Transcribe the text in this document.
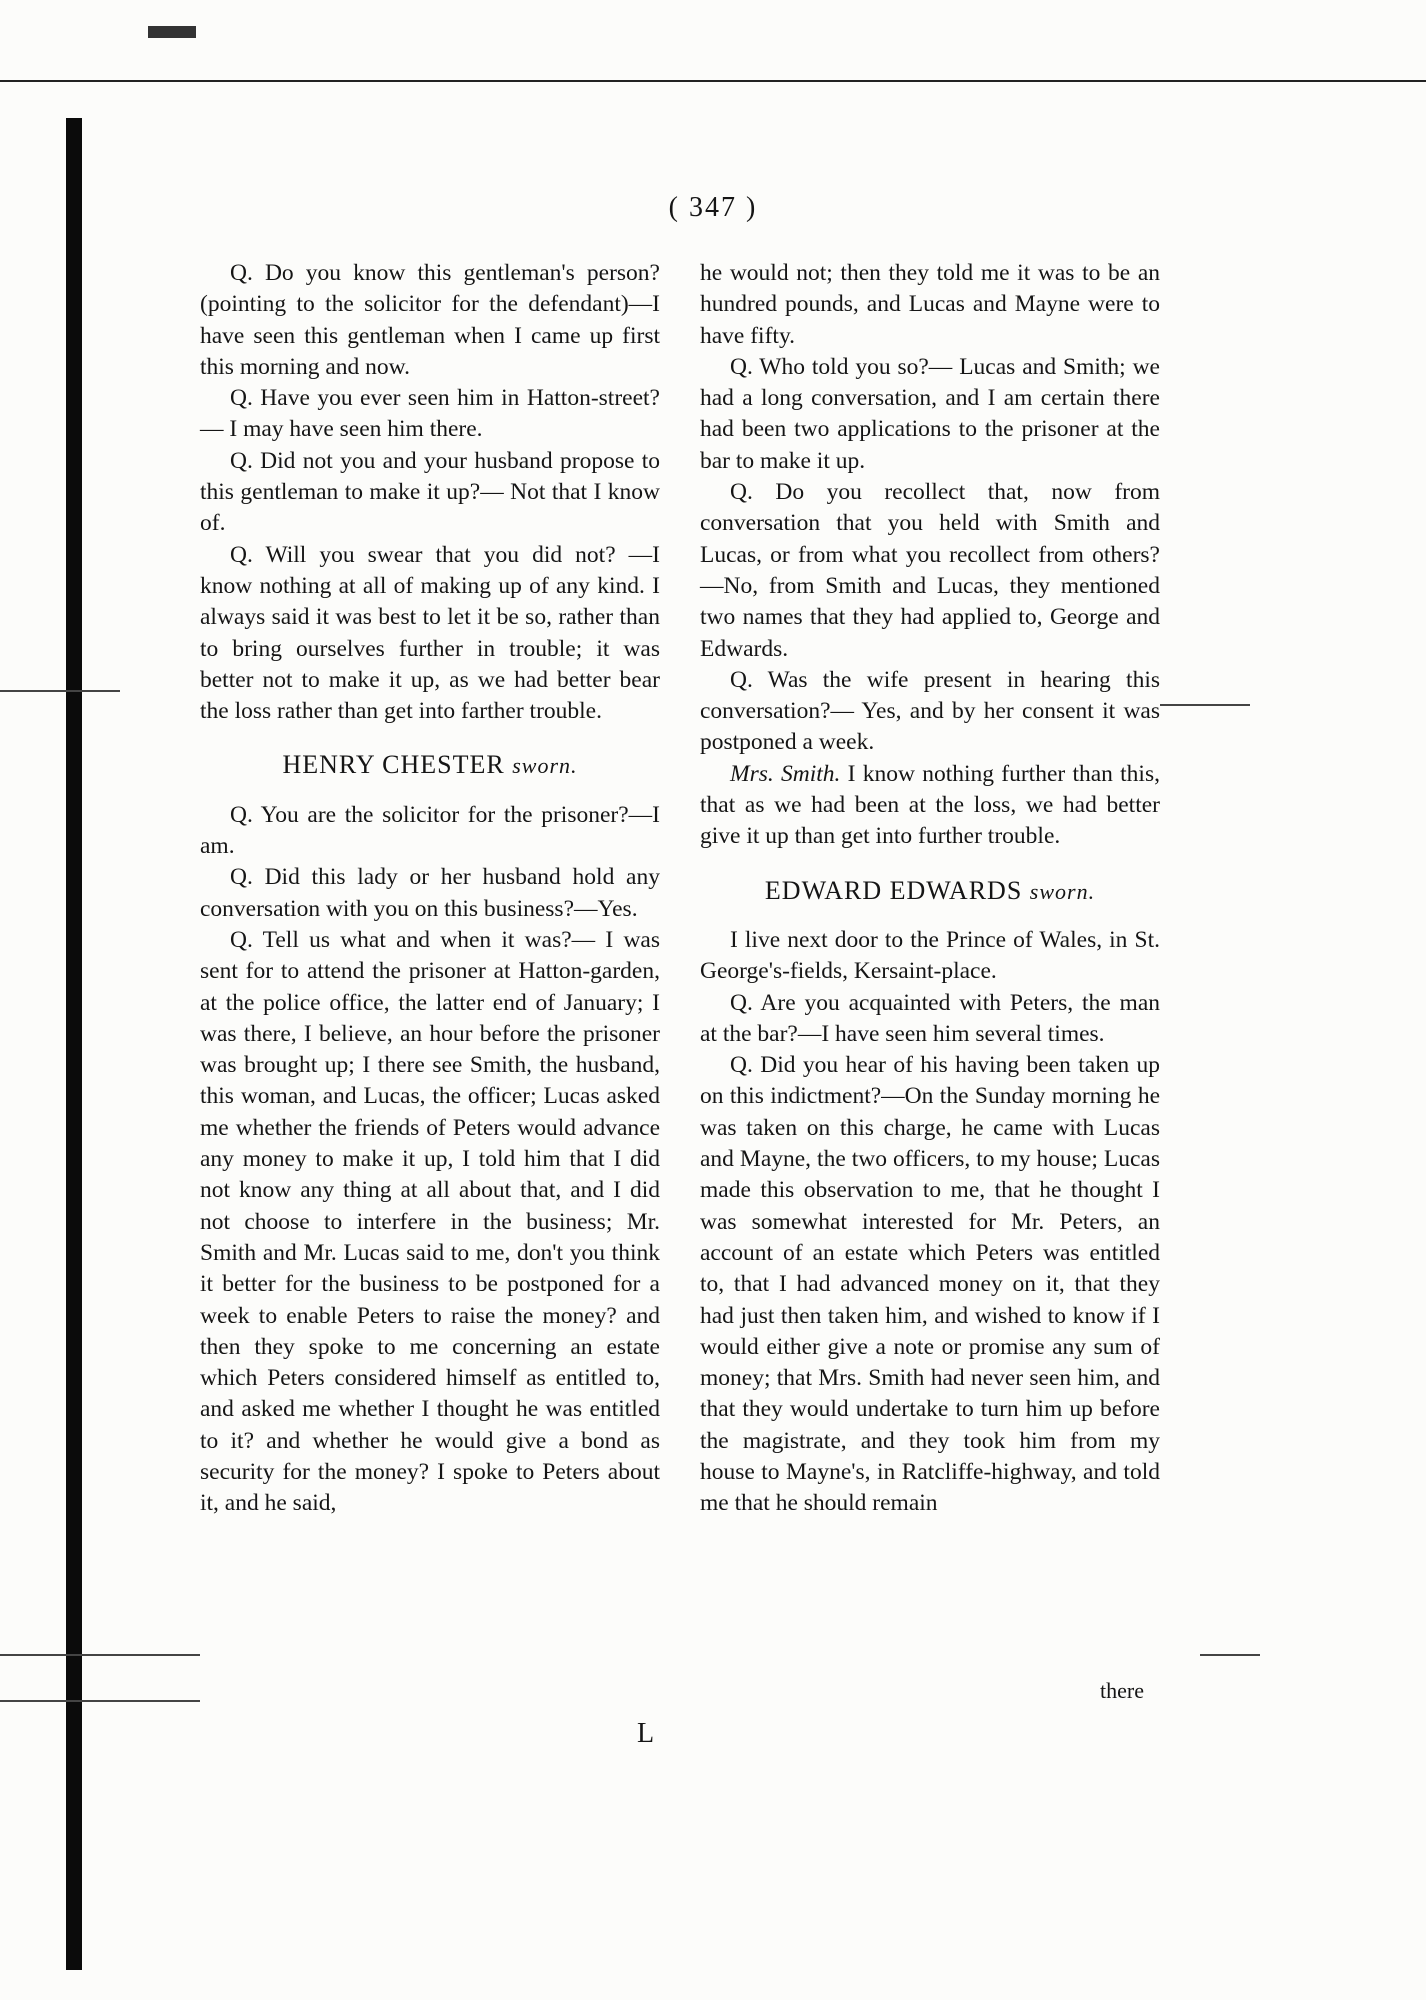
( 347 )

Q. Do you know this gentleman's person? (pointing to the solicitor for the defendant)—I have seen this gentleman when I came up first this morning and now.

Q. Have you ever seen him in Hatton-street?— I may have seen him there.

Q. Did not you and your husband propose to this gentleman to make it up?— Not that I know of.

Q. Will you swear that you did not? —I know nothing at all of making up of any kind. I always said it was best to let it be so, rather than to bring ourselves further in trouble; it was better not to make it up, as we had better bear the loss rather than get into farther trouble.

HENRY CHESTER sworn.

Q. You are the solicitor for the prisoner?—I am.

Q. Did this lady or her husband hold any conversation with you on this business?—Yes.

Q. Tell us what and when it was?— I was sent for to attend the prisoner at Hatton-garden, at the police office, the latter end of January; I was there, I believe, an hour before the prisoner was brought up; I there see Smith, the husband, this woman, and Lucas, the officer; Lucas asked me whether the friends of Peters would advance any money to make it up, I told him that I did not know any thing at all about that, and I did not choose to interfere in the business; Mr. Smith and Mr. Lucas said to me, don't you think it better for the business to be postponed for a week to enable Peters to raise the money? and then they spoke to me concerning an estate which Peters considered himself as entitled to, and asked me whether I thought he was entitled to it? and whether he would give a bond as security for the money? I spoke to Peters about it, and he said,

he would not; then they told me it was to be an hundred pounds, and Lucas and Mayne were to have fifty.

Q. Who told you so?— Lucas and Smith; we had a long conversation, and I am certain there had been two applications to the prisoner at the bar to make it up.

Q. Do you recollect that, now from conversation that you held with Smith and Lucas, or from what you recollect from others?—No, from Smith and Lucas, they mentioned two names that they had applied to, George and Edwards.

Q. Was the wife present in hearing this conversation?— Yes, and by her consent it was postponed a week.

Mrs. Smith. I know nothing further than this, that as we had been at the loss, we had better give it up than get into further trouble.

EDWARD EDWARDS sworn.

I live next door to the Prince of Wales, in St. George's-fields, Kersaint-place.

Q. Are you acquainted with Peters, the man at the bar?—I have seen him several times.

Q. Did you hear of his having been taken up on this indictment?—On the Sunday morning he was taken on this charge, he came with Lucas and Mayne, the two officers, to my house; Lucas made this observation to me, that he thought I was somewhat interested for Mr. Peters, an account of an estate which Peters was entitled to, that I had advanced money on it, that they had just then taken him, and wished to know if I would either give a note or promise any sum of money; that Mrs. Smith had never seen him, and that they would undertake to turn him up before the magistrate, and they took him from my house to Mayne's, in Ratcliffe-highway, and told me that he should remain

L
there
